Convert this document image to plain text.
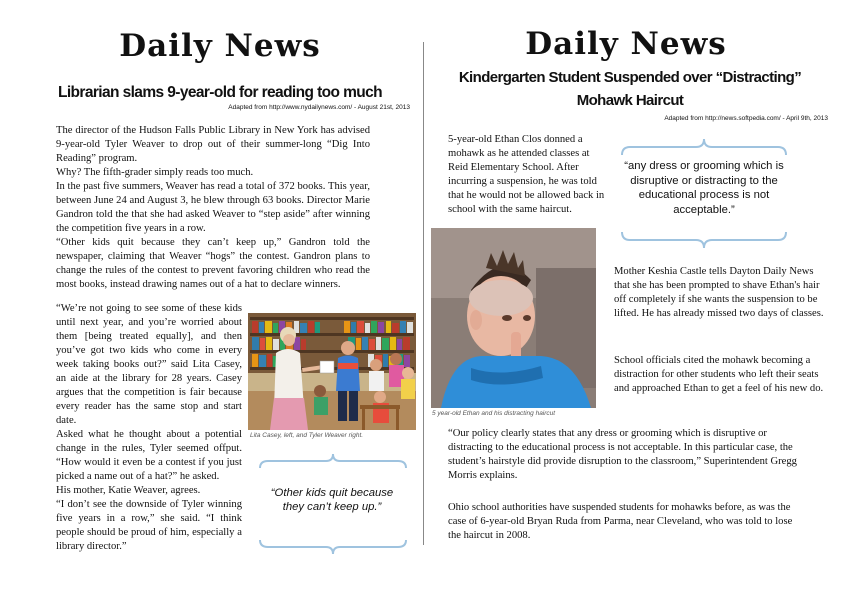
Daily News
Librarian slams 9-year-old for reading too much
Adapted from http://www.nydailynews.com/ - August 21st, 2013

The director of the Hudson Falls Public Library in New York has advised 9-year-old Tyler Weaver to drop out of their summer-long “Dig Into Reading” program.

Why? The fifth-grader simply reads too much.

In the past five summers, Weaver has read a total of 372 books. This year, between June 24 and August 3, he blew through 63 books. Director Marie Gandron told the that she had asked Weaver to “step aside” after winning the competition five years in a row.

“Other kids quit because they can’t keep up,” Gandron told the newspaper, claiming that Weaver “hogs” the contest. Gandron plans to change the rules of the contest to prevent favoring children who read the most books, instead drawing names out of a hat to declare winners.

“We’re not going to see some of these kids until next year, and you’re worried about them [being treated equally], and then you’ve got two kids who come in every week taking books out?” said Lita Casey, an aide at the library for 28 years. Casey argues that the competition is fair because every reader has the same stop and start date.

Asked what he thought about a potential change in the rules, Tyler seemed offput. “How would it even be a contest if you just picked a name out of a hat?” he asked.

His mother, Katie Weaver, agrees.

“I don’t see the downside of Tyler winning five years in a row,” she said. “I think people should be proud of him, especially a library director.”

Lita Casey, left, and Tyler Weaver right.
“Other kids quit because they can’t keep up.”
Daily News
Kindergarten Student Suspended over “Distracting”
Mohawk Haircut
Adapted from http://news.softpedia.com/ - April 9th, 2013
5-year-old Ethan Clos donned a mohawk as he attended classes at Reid Elementary School. After incurring a suspension, he was told that he would not be allowed back in school with the same haircut.
“any dress or grooming which is disruptive or distracting to the educational process is not acceptable.”
5 year-old Ethan and his distracting haircut
Mother Keshia Castle tells Dayton Daily News that she has been prompted to shave Ethan's hair off completely if she wants the suspension to be lifted. He has already missed two days of classes.
School officials cited the mohawk becoming a distraction for other students who left their seats and approached Ethan to get a feel of his new do.
“Our policy clearly states that any dress or grooming which is disruptive or distracting to the educational process is not acceptable. In this particular case, the student’s hairstyle did provide disruption to the classroom,” Superintendent Gregg Morris explains.
Ohio school authorities have suspended students for mohawks before, as was the case of 6-year-old Bryan Ruda from Parma, near Cleveland, who was told to lose the haircut in 2008.
